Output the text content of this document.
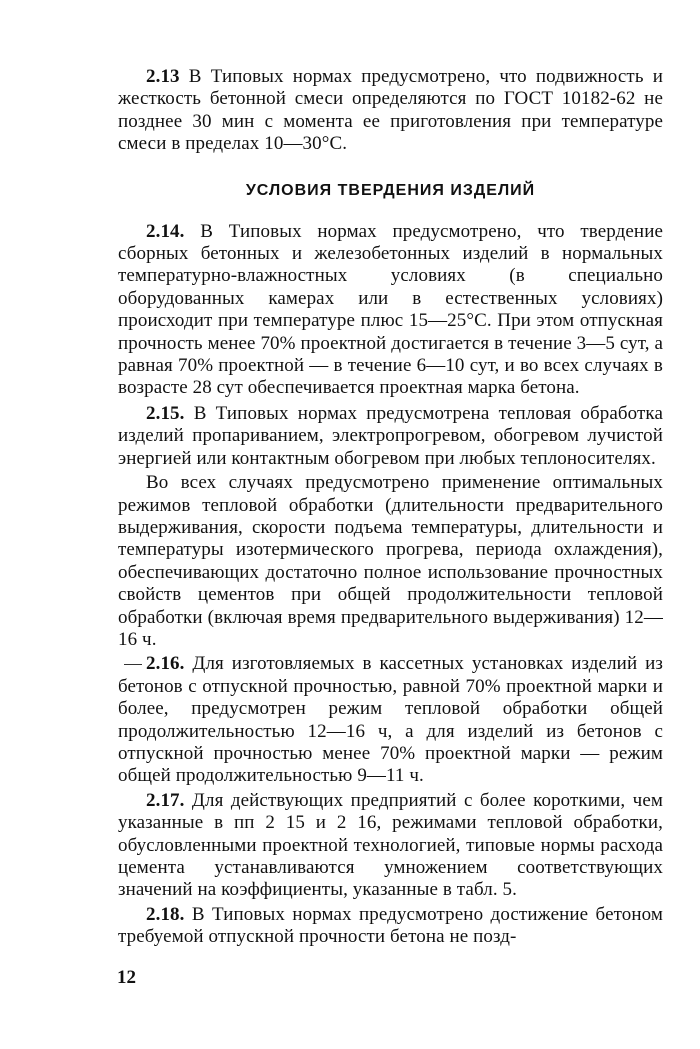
2.13 В Типовых нормах предусмотрено, что подвижность и жесткость бетонной смеси определяются по ГОСТ 10182-62 не позднее 30 мин с момента ее приготовления при температуре смеси в пределах 10—30°С.

УСЛОВИЯ ТВЕРДЕНИЯ ИЗДЕЛИЙ

2.14. В Типовых нормах предусмотрено, что твердение сборных бетонных и железобетонных изделий в нормальных температурно-влажностных условиях (в специально оборудованных камерах или в естественных условиях) происходит при температуре плюс 15—25°С. При этом отпускная прочность менее 70% проектной достигается в течение 3—5 сут, а равная 70% проектной — в течение 6—10 сут, и во всех случаях в возрасте 28 сут обеспечивается проектная марка бетона.

2.15. В Типовых нормах предусмотрена тепловая обработка изделий пропариванием, электропрогревом, обогревом лучистой энергией или контактным обогревом при любых теплоносителях.

Во всех случаях предусмотрено применение оптимальных режимов тепловой обработки (длительности предварительного выдерживания, скорости подъема температуры, длительности и температуры изотермического прогрева, периода охлаждения), обеспечивающих достаточно полное использование прочностных свойств цементов при общей продолжительности тепловой обработки (включая время предварительного выдерживания) 12—16 ч.

2.16. Для изготовляемых в кассетных установках изделий из бетонов с отпускной прочностью, равной 70% проектной марки и более, предусмотрен режим тепловой обработки общей продолжительностью 12—16 ч, а для изделий из бетонов с отпускной прочностью менее 70% проектной марки — режим общей продолжительностью 9—11 ч.

2.17. Для действующих предприятий с более короткими, чем указанные в пп 2 15 и 2 16, режимами тепловой обработки, обусловленными проектной технологией, типовые нормы расхода цемента устанавливаются умножением соответствующих значений на коэффициенты, указанные в табл. 5.

2.18. В Типовых нормах предусмотрено достижение бетоном требуемой отпускной прочности бетона не позд-

12
